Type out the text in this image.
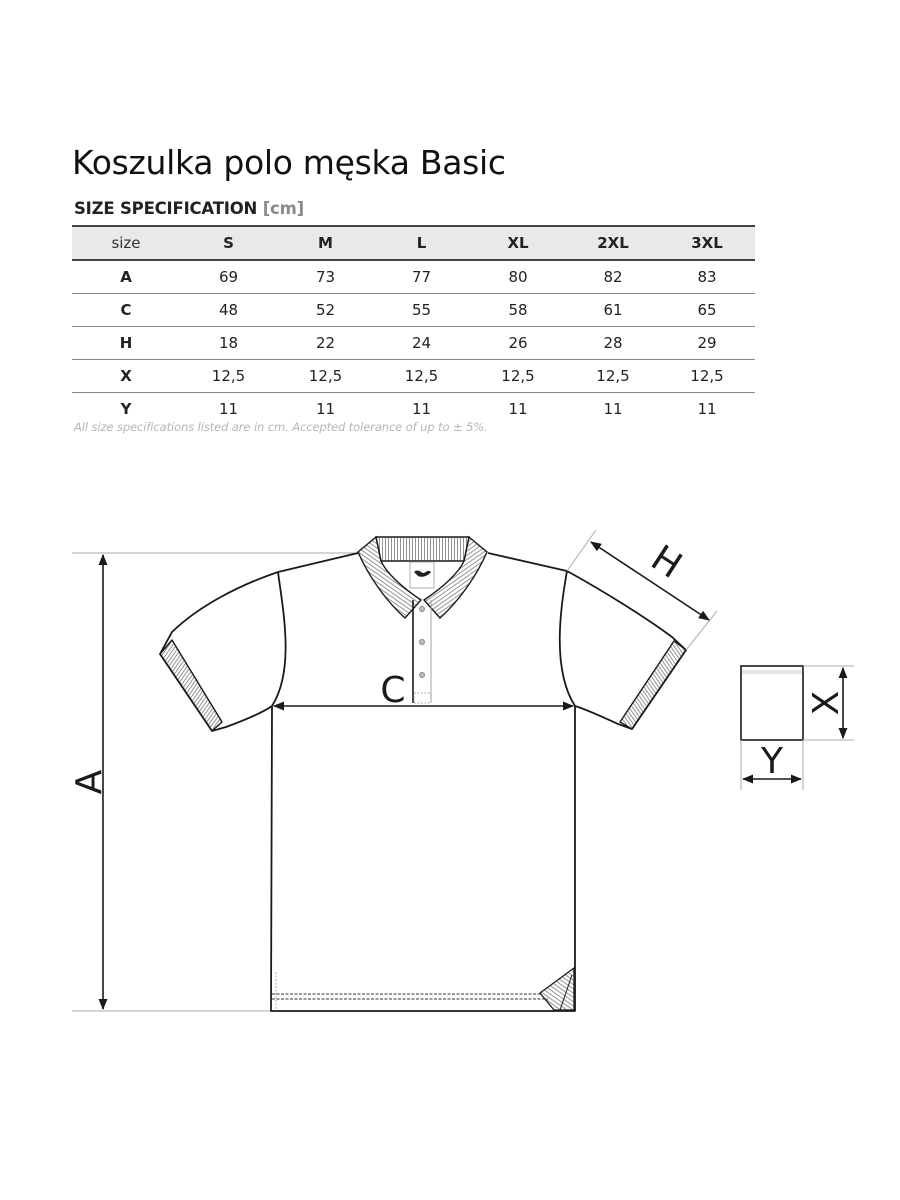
Koszulka polo męska Basic
SIZE SPECIFICATION [cm]
size	S	M	L	XL	2XL	3XL
A	69	73	77	80	82	83
C	48	52	55	58	61	65
H	18	22	24	26	28	29
X	12,5	12,5	12,5	12,5	12,5	12,5
Y	11	11	11	11	11	11
All size specifications listed are in cm. Accepted tolerance of up to ± 5%.
A
C
H
X
Y
